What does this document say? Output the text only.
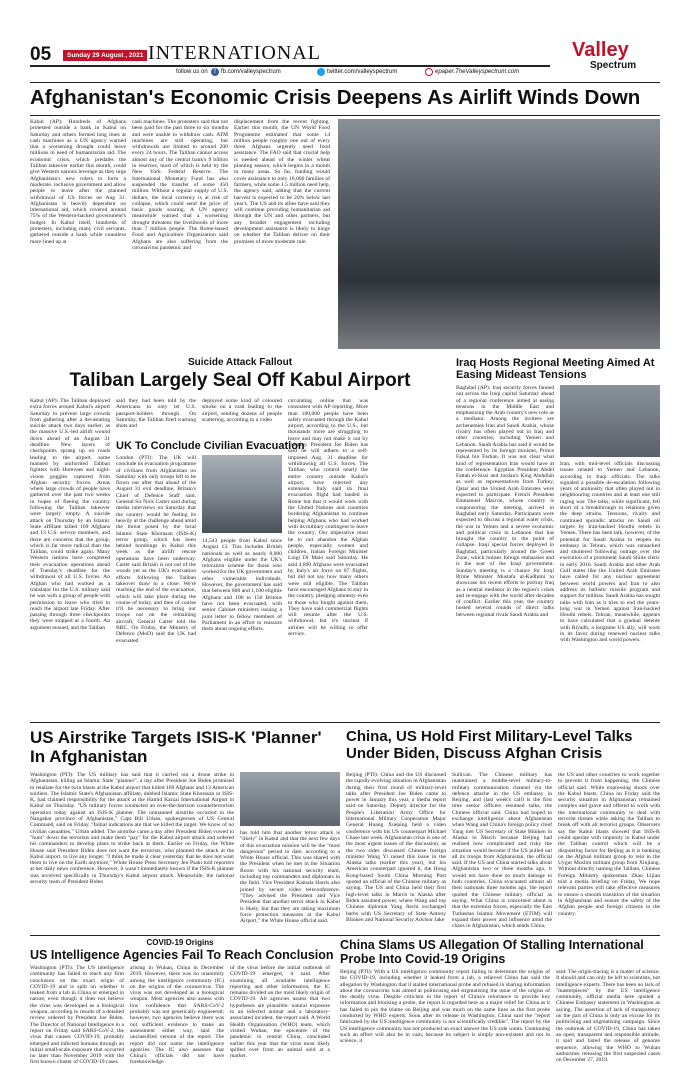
05	Sunday 29 August , 2021 INTERNATIONAL
follow us on	f fb.com/valleyspectrum	twitter.com/valleyspectrum	epaper.TheValleyspectrum.com
Valley
Spectrum
Afghanistan's Economic Crisis Deepens As Airlift Winds Down
Kabul (AP): Hundreds of Afghans protested outside a bank in Kabul on Saturday and others formed long lines at cash machines as a UN agency warned that a worsening drought could leave millions in need of humanitarian aid. The economic crisis, which predates the Taliban takeover earlier this month, could give Western nations leverage as they urge Afghanistan's new rulers to form a moderate, inclusive government and allow people to leave after the planned withdrawal of US forces on Aug 31. Afghanistan is heavily dependent on international aid, which covered around 75% of the Western-backed government's budget. In Kabul itself, hundreds of protesters, including many civil servants, gathered outside a bank while countless more lined up at
cash machines. The protesters said that not been paid for the past three to six months and were unable to withdraw cash. ATM machines are still operating, but withdrawals are limited to around 200 every 24 hours. The Taliban cannot access almost any of the central bank's 9 billion in reserves, most of which is held by the New York Federal Reserve. The International Monetary Fund has also suspended the transfer of some 450 million. Without a regular supply of U.S. dollars, the local currency is at risk of collapse, which could send the price of basic goods soaring. A UN agency meanwhile warned that a worsening drought threatens the livelihoods of more than 7 million people. The Rome-based Food and Agriculture Organization said Afghans are also suffering from the coronavirus pandemic and
displacement from the recent fighting. Earlier this month, the UN World Food Programme estimated that some 14 million people roughly one out of every three Afghans urgently need food assistance. The FAO said that crucial help is needed ahead of the winter wheat planting season, which begins in a month in many areas. So far, funding would cover assistance to only 10,000 families of farmers, while some 1.5 million need help, the agency said, adding that the current harvest is expected to be 20% below last year's. The US and its allies have said they will continue providing humanitarian aid through the UN and other partners, but any broader engagement including development assistance is likely to hinge on whether the Taliban deliver on their promises of more moderate rule.
Suicide Attack Fallout
Taliban Largely Seal Off Kabul Airport
Kabul (AP): The Taliban deployed extra forces around Kabul's airport Saturday to prevent large crowds from gathering after a devastating suicide attack two days earlier, as the massive U.S.-led airlift wound down ahead of an August 31 deadline. New layers of checkpoints sprang up on roads leading to the airport, some manned by uniformed Taliban fighters with Humvees and night-vision goggles captured from Afghan security forces. Areas where large crowds of people have gathered over the past two weeks in hopes of fleeing the country following the Taliban takeover were largely empty. A suicide attack on Thursday by an Islamic State affiliate killed 169 Afghans and 13 U.S. service members, and there are concerns that the group, which is far more radical than the Taliban, could strike again. Many Western nations have completed their evacuation operations ahead of Tuesday's deadline for the withdrawal of all U.S. forces. An Afghan who had worked as a translator for the U.S. military said he was with a group of people with permission to leave who tried to reach the airport late Friday. After passing through three checkpoints they were stopped at a fourth. An argument ensued, and the Taliban
said they had been told by the Americans to only let U.S. passport-holders through. On Saturday, the Taliban fired warning shots and
deployed some kind of coloured smoke on a road leading to the airport, sending dozens of people scattering, according to a video
circulating online that was consistent with AP reporting. More than 100,000 people have been safely evacuated through the Kabul airport, according to the U.S., but thousands more are struggling to leave and may not make it out by Tuesday. President Joe Biden has said he will adhere to a self-imposed Aug. 31 deadline for withdrawing all U.S. forces. The Taliban, who control nearly the entire country outside Kabul's airport, have rejected any extension. Italy said its final evacuation flight had landed in Rome but that it would work with the United Nations and countries bordering Afghanistan to continue helping Afghans who had worked with its military contingent to leave the country. Our imperative must be to not abandon the Afghan people, especially women and children, Italian Foreign Minister Luigi Di Maio said Saturday. He said 4,890 Afghans were evacuated by Italy's air force on 87 flights, but did not say how many others were still eligible. The Taliban have encouraged Afghans to stay in the country, pledging amnesty even to those who fought against them. They have said commercial flights will resume after the U.S. withdrawal, but it's unclear if airlines will be willing to offer service.
UK To Conclude Civilian Evacuation
London (PTI): The UK will conclude its evacuation programme of civilians from Afghanistan on Saturday with only troops left to be flown out after that ahead of the August 31 exit deadline, Britain's Chief of Defence Staff said. General Sir Nick Carter said during media interviews on Saturday that the country would be feeling its heavily at the challenge ahead amid the threat posed by the local Islamic State Khorasan (ISIS-K) terror group, which has been behind bombings in Kabul this week as the airlift rescue operations have been underway. Carter said Britain is not out of the woods yet as the UK's evacuation efforts following the Taliban takeover draw to a close. We're reaching the end of the evacuation, which will take place during the course of today, and then of course it'll be necessary to bring our troops out on the remaining aircraft, General Carter told the BBC. On Friday, the Ministry of Defence (MoD) said the UK had evacuated
14,543 people from Kabul since August 13. This includes British nationals as well as nearly 8,000 Afghans eligible under the UK's relocation scheme for those who worked for the UK government and other vulnerable individuals. However, the government has said that between 800 and 1,100 eligible Afghans and 100 to 150 Britons have not been evacuated, with senior Cabinet ministers issuing a joint letter to fellow members of Parliament in an effort to reassure them about ongoing efforts.
Iraq Hosts Regional Meeting Aimed At Easing Mideast Tensions
Baghdad (AP): Iraq security forces fanned out across the Iraqi capital Saturday ahead of a regional conference aimed at easing tensions in the Middle East and emphasizing the Arab country's new role as a mediator. Among the invitees are archenemies Iran and Saudi Arabia, whose rivalry has often played out in Iraq and other countries, including Yemen and Lebanon. Saudi Arabia has said it would be represented by its foreign minister, Prince Faisal bin Farhan. It was not clear what kind of representation Iran would have at the conference. Egyptian President Abdel Fattah el-Sissi and Jordan's King Abdullah as well as representatives from Turkey, Qatar and the United Arab Emirates were expected to participate. French President Emmanuel Macron, whose country is cosponsoring the meeting, arrived in Baghdad early Saturday. Participants were expected to discuss a regional water crisis, the war in Yemen and a severe economic and political crisis in Lebanon that has brought the country to the point of collapse. Iraqi special forces deployed in Baghdad, particularly around the Green Zone, which houses foreign embassies and is the seat of the Iraqi government. Sunday's meeting is a chance for Iraqi Prime Minister Mustafa al-Kadhimi to showcase his recent efforts to portray Iraq as a neutral mediator in the region's crises and re-engage with the world after decades of conflict. Earlier this year, the country hosted several rounds of direct talks between regional rivals Saudi Arabia and
Iran, with mid-level officials discussing issues related to Yemen and Lebanon, according to Iraqi officials. The talks signaled a possible de-escalation following years of animosity that often played out in neighbouring countries and at least one still raging war. The talks, while significant, fell short of a breakthrough in relations given the deep strains. Tensions, rivalry and continued sporadic attacks on Saudi oil targets by Iran-backed Houthi rebels in Yemen. There has been talk, however, of the potential for Saudi Arabia to reopen its embassy in Tehran, which was ransacked and shuttered following outrage over the execution of a prominent Saudi Shiite cleric in early 2016. Saudi Arabia and other Arab Gulf states like the United Arab Emirates have called for any nuclear agreement between world powers and Iran to also address its ballistic missile program and support for militias. Saudi Arabia has sought talks with Iran as it tries to end the years-long war in Yemen against Iran-backed Houthi rebels. Tehran, meanwhile, appears to have calculated that a gradual detente with Riyadh, a longtime US ally, will work in its favor during renewed nuclear talks with Washington and world powers.
US Airstrike Targets ISIS-K 'Planner' In Afghanistan
Washington (PTI): The US military has said that it carried out a drone strike in Afghanistan, killing an Islamic State "planner", a day after President Joe Biden promised to retaliate for the twin blasts at the Kabul airport that killed 169 Afghans and 13 American soldiers. The Islamic State's Afghanistan affiliate, dubbed Islamic State Khorasan or ISIS-K, had claimed responsibility for the attack at the Hamid Karzai International Airport in Kabul on Thursday. "US military forces conducted an over-the-horizon counterterrorism operation today against an ISIS-K planner. The unmanned airstrike occurred in the Nangahar province of Afghanistan," Capt Bill Urban, spokesperson of US Central Command, said on Friday. "Initial indications are that we killed the target. We know of no civilian casualties," Urban added. The airstrike came a day after President Biden vowed to "hunt" down the terrorists and make them "pay" for the Kabul airport attack and ordered his commanders to develop plans to strike back at them. Earlier on Friday, the White House said President Biden does not want the terrorists, who planned the attack at the Kabul airport, to live any longer. "I think he made it clear yesterday that he does not want them to live on the Earth anymore," White House Press Secretary Jen Psaki told reporters at her daily news conference. However, it wasn't immediately known if the ISIS-K planner was involved specifically in Thursday's Kabul airport attack. Meanwhile, the national security team of President Biden
has told him that another terror attack is "likely" in Kabul and that the next few days of this evacuation mission will be the "most dangerous" period to date, according to a White House official. This was shared with the President when he met in the Situation Room with his national security team, including top commanders and diplomats in the field. Vice President Kamala Harris also joined by secure video teleconference. "They advised the President and Vice President that another terror attack in Kabul is likely, but that they are taking maximum force protection measures at the Kabul Airport," the White House official said.
China, US Hold First Military-Level Talks Under Biden, Discuss Afghan Crisis
Beijing (PTI): China and the US discussed the rapidly evolving situation in Afghanistan during their first round of military-level talks after President Joe Biden came to power in January this year, a media report said on Saturday. Deputy director for the People's Liberation Army Office for International Military Cooperation Major General Huang Xueping held a video conference with his US counterpart Michael Chase last week. Afghanistan crisis is one of the most urgent issues of the discussion, as the two sides discussed Chinese foreign minister Wang Yi raised this issue in the Alaska talks (earlier this year), but his American counterpart ignored it, the Hong Kong-based South China Morning Post quoted an official of the Chinese military as saying. The US and China held their first high-level talks in March in Alaska after Biden assumed power, where Wang and top Chinese diplomat Yang Jiechi exchanged barbs with US Secretary of State Antony Blinken and National Security Advisor Jake
Sullivan. The Chinese military has maintained a middle-level military-to-military communication channel via the defence attache in the US embassy in Beijing, and (last week's call) is the first time senior officers resumed talks, the Chinese official said. China had hoped to exchange intelligence about Afghanistan when Wang and China's foreign policy chief Yang met US Secretary of State Blinken in Alaska in March because Beijing had realised how complicated and risky the situation would become if the US pulled out all its troops from Afghanistan, the official said. If the US and China started talks about Afghanistan two or three months ago, it would not have done so much damage to both countries. China evacuated almost all their nationals three months ago, the report quoted the Chinese military official as saying. What China is concerned about is that the extremist forces, especially the East Turkestan Islamic Movement (ETIM) will expand their power and influence amid the chaos in Afghanistan, which sends China,
the US and other countries to work together to prevent it from happening, the Chinese official said. While expressing shock over the Kabul blasts, China on Friday said the security situation in Afghanistan remained complex and grave and offered to work with the international community to deal with terrorist threats while asking the Taliban to break off with all terrorist groups. Observers say the Kabul blasts showed that ISIS-K could operate with impunity in Kabul under the Taliban control which will be a disquieting factor for Beijing as it is banking on the Afghan militant group to rein in the Uygur Muslim militant group from Xinjiang. Without directly naming the Taliban, Chinese Foreign Ministry spokesman Zhao Lijian told a media briefing on Friday, We hope relevant parties will take effective measures to ensure a smooth transition of the situation in Afghanistan and ensure the safety of the Afghan people and foreign citizens in the country.
COVID-19 Origins
US Intelligence Agencies Fail To Reach Conclusion
Washington (PTI): The US intelligence community has failed to reach any firm conclusion on the exact origin of COVID-19 and is split on whether it leaked from a lab in China or emerged in nature, even though it does not believe the virus was developed as a biological weapon, according to results of a detailed review ordered by President Joe Biden. The Director of National Intelligence in a report on Friday said SARS-CoV-2, the virus that causes COVID-19, probably emerged and infected humans through an initial small-scale exposure that occurred no later than November 2019 with the first known cluster of COVID-19 cases
arising in Wuhan, China in December 2019. However, there was no unanimity among the intelligence community (IC) on the origins of the coronavirus. The virus was not developed as a biological weapon. Most agencies also assess with low confidence that SARS-CoV-2 probably was not genetically engineered; however, two agencies believe there was not sufficient evidence to make an assessment either way, said the unclassified version of the report. The report did not name the intelligence agencies. The IC also assesses that China's officials did not have foreknowledge
of the virus before the initial outbreak of COVID-19 emerged, it said. After examining all available intelligence reporting and other information, the IC remains divided on the most likely origin of COVID-19. All agencies assess that two hypotheses are plausible: natural exposure to an infected animal and a laboratory-associated incident, the report said. A World Health Organisation (WHO) team, which visited Wuhan, the epicentre of the pandemic in central China, concluded earlier this year that the virus most likely spilled over from an animal sold at a market.
China Slams US Allegation Of Stalling International Probe Into Covid-19 Origins
Beijing (PTI): With a US intelligence community report failing to determine the origins of the COVID-19, including whether it leaked from a lab, a relieved China has said the allegation by Washington that it stalled international probe and refused in sharing information about the coronavirus was aimed at politicising and stigmatising the issue of the origins of the deadly virus. Despite criticism in the report of China's reluctance to provide key information and blocking a probe, the report is regarded here as a major relief for China as it has failed to pin the blame on Beijing and was much on the same lines as the first probe conducted by WHO experts. Soon after its release in Washington, China said the "report fabricated by the US intelligence community is not scientifically credible". The report by the US intelligence community has not produced an exact answer the US side wants. Continuing such an effort will also be in vain, because its subject is simply non-existent and not in science, it
said. The origin-tracing is a matter of science. It should and can only be left to scientists, not intelligence experts. There has been no lack of "masterpieces" by the US intelligence community, official media here quoted a Chinese Embassy statement in Washington as saying. The assertion of lack of transparency on the part of China is only an excuse for its politicising and stigmatising campaign. Since the outbreak of COVID-19, China has taken an open, transparent and responsible attitude, it said and listed the release of genome sequence, allowing the WHO to Wuhan authorities releasing the first suspected cases on December 27, 2019.
